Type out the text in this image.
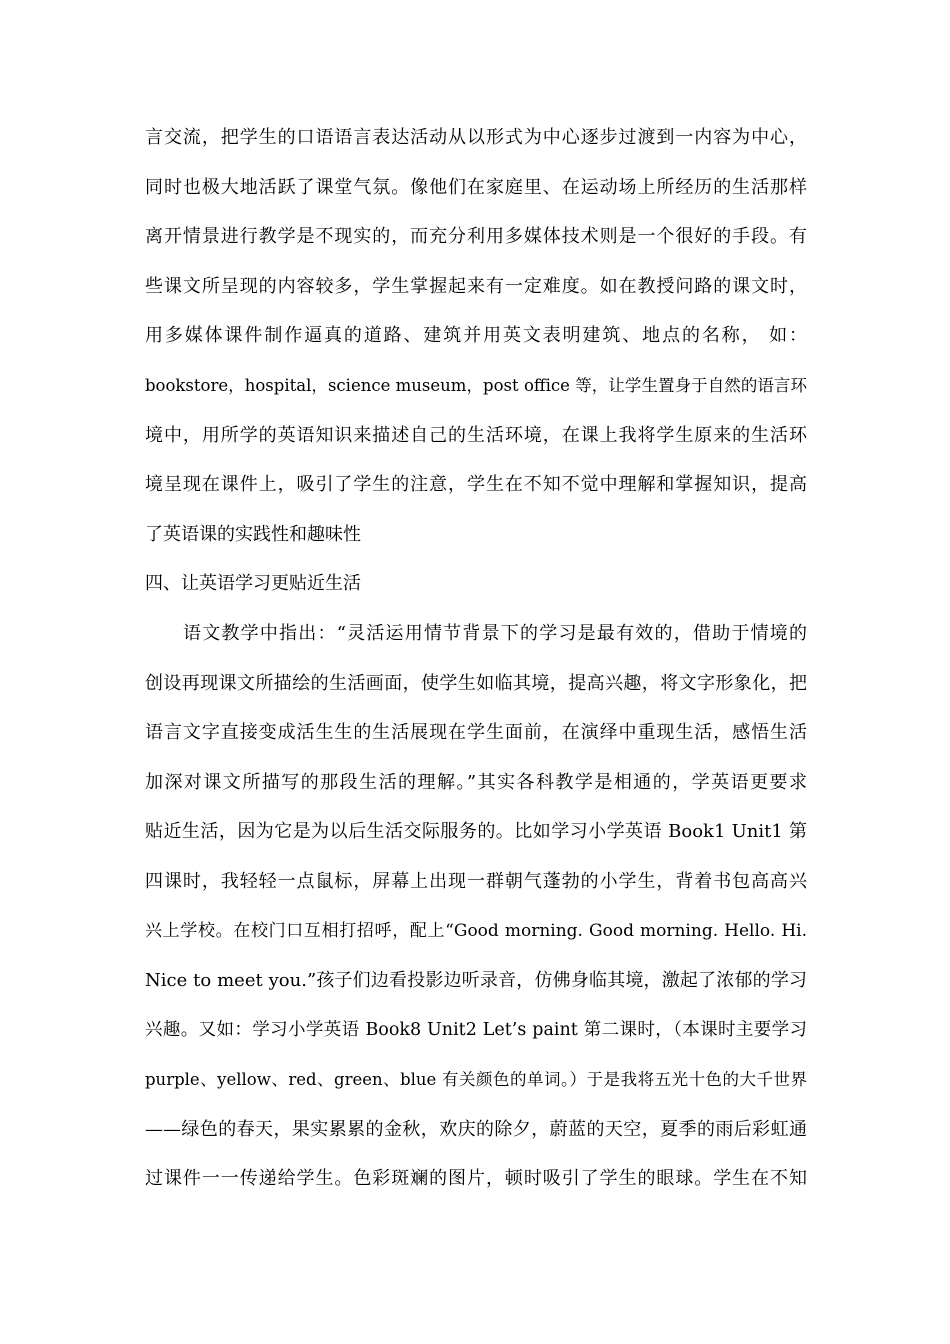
言交流，把学生的口语语言表达活动从以形式为中心逐步过渡到一内容为中心，
同时也极大地活跃了课堂气氛。像他们在家庭里、在运动场上所经历的生活那样
离开情景进行教学是不现实的，而充分利用多媒体技术则是一个很好的手段。有
些课文所呈现的内容较多，学生掌握起来有一定难度。如在教授问路的课文时，
用多媒体课件制作逼真的道路、建筑并用英文表明建筑、地点的名称， 如：
bookstore，hospital，science museum，post office 等，让学生置身于自然的语言环
境中，用所学的英语知识来描述自己的生活环境，在课上我将学生原来的生活环
境呈现在课件上，吸引了学生的注意，学生在不知不觉中理解和掌握知识，提高
了英语课的实践性和趣味性
四、让英语学习更贴近生活
语文教学中指出：“灵活运用情节背景下的学习是最有效的，借助于情境的
创设再现课文所描绘的生活画面，使学生如临其境，提高兴趣，将文字形象化，把
语言文字直接变成活生生的生活展现在学生面前，在演绎中重现生活，感悟生活
加深对课文所描写的那段生活的理解。”其实各科教学是相通的，学英语更要求
贴近生活，因为它是为以后生活交际服务的。比如学习小学英语 Book1 Unit1 第
四课时，我轻轻一点鼠标，屏幕上出现一群朝气蓬勃的小学生，背着书包高高兴
兴上学校。在校门口互相打招呼，配上“Good morning. Good morning. Hello. Hi.
Nice to meet you.”孩子们边看投影边听录音，仿佛身临其境，激起了浓郁的学习
兴趣。又如：学习小学英语 Book8 Unit2 Let’s paint 第二课时，（本课时主要学习
purple、yellow、red、green、blue 有关颜色的单词。）于是我将五光十色的大千世界
——绿色的春天，果实累累的金秋，欢庆的除夕，蔚蓝的天空，夏季的雨后彩虹通
过课件一一传递给学生。色彩斑斓的图片，顿时吸引了学生的眼球。学生在不知
